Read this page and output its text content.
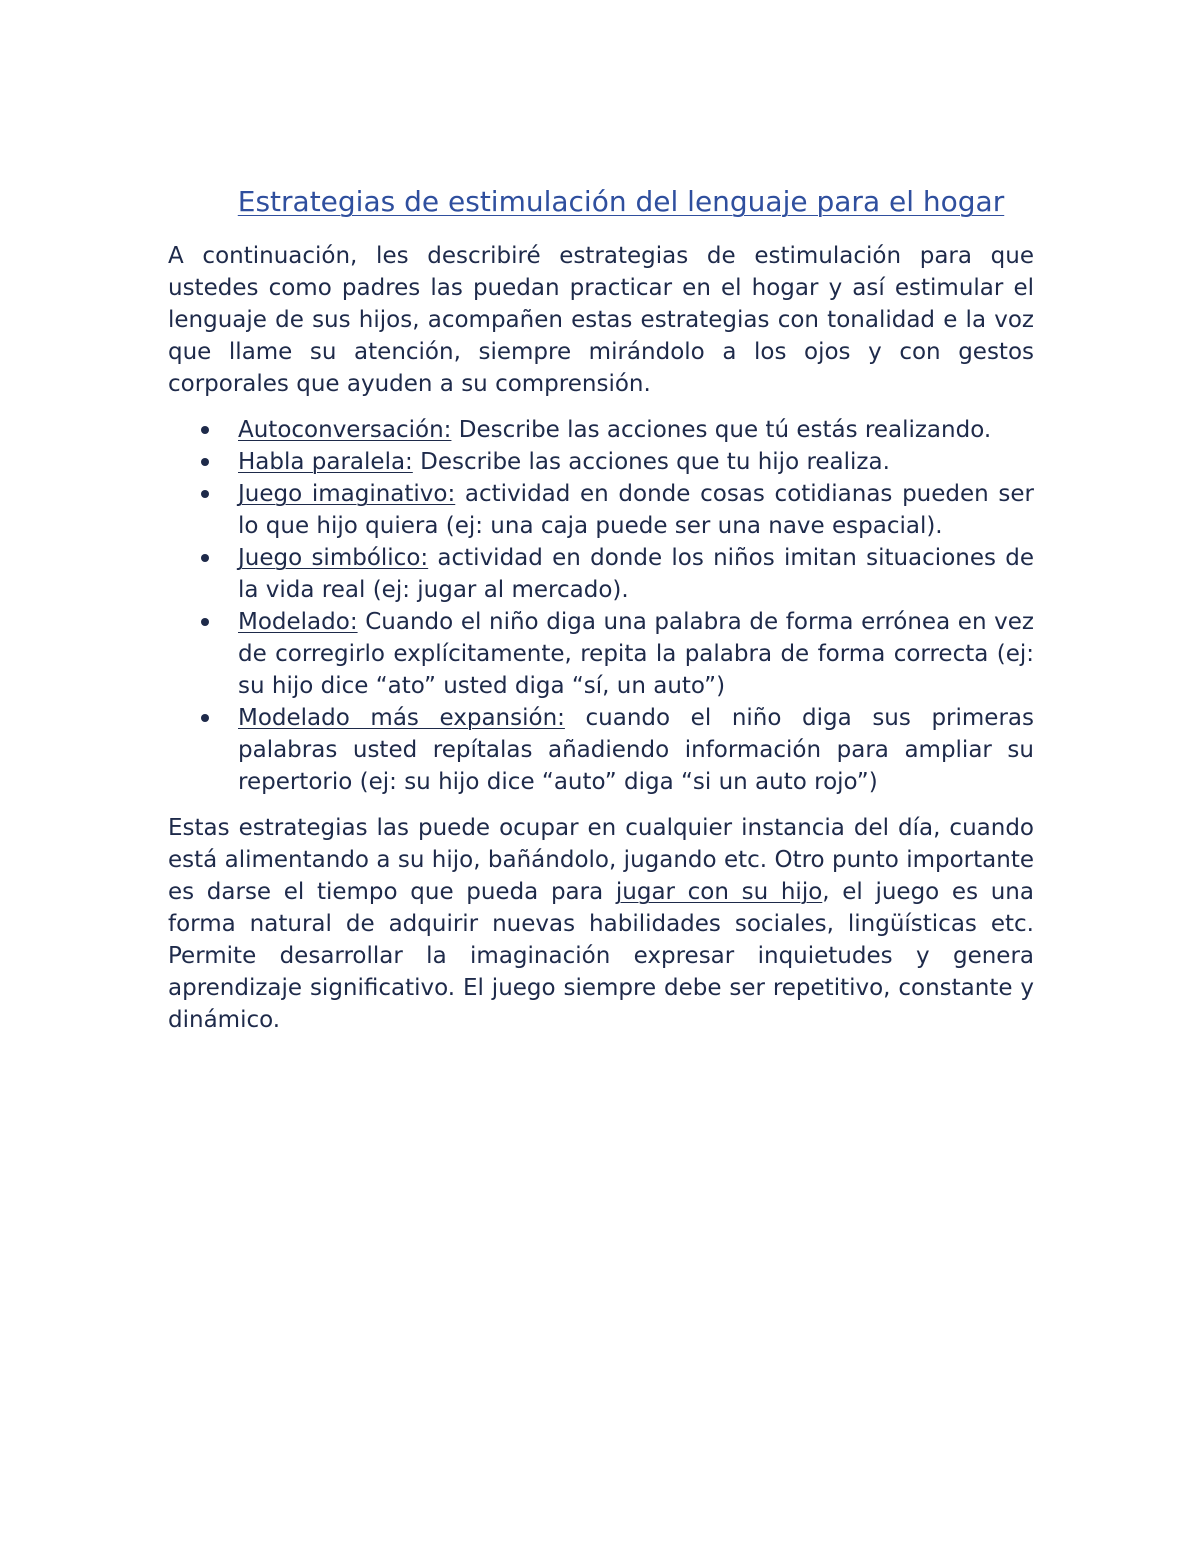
Estrategias de estimulación del lenguaje para el hogar

A continuación, les describiré estrategias de estimulación para que ustedes como padres las puedan practicar en el hogar y así estimular el lenguaje de sus hijos, acompañen estas estrategias con tonalidad e la voz que llame su atención, siempre mirándolo a los ojos y con gestos corporales que ayuden a su comprensión.

Autoconversación: Describe las acciones que tú estás realizando.
Habla paralela: Describe las acciones que tu hijo realiza.
Juego imaginativo: actividad en donde cosas cotidianas pueden ser lo que hijo quiera (ej: una caja puede ser una nave espacial).
Juego simbólico: actividad en donde los niños imitan situaciones de la vida real (ej: jugar al mercado).
Modelado: Cuando el niño diga una palabra de forma errónea en vez de corregirlo explícitamente, repita la palabra de forma correcta (ej: su hijo dice “ato” usted diga “sí, un auto”)
Modelado más expansión: cuando el niño diga sus primeras palabras usted repítalas añadiendo información para ampliar su repertorio (ej: su hijo dice “auto” diga “si un auto rojo”)

Estas estrategias las puede ocupar en cualquier instancia del día, cuando está alimentando a su hijo, bañándolo, jugando etc. Otro punto importante es darse el tiempo que pueda para jugar con su hijo, el juego es una forma natural de adquirir nuevas habilidades sociales, lingüísticas etc. Permite desarrollar la imaginación expresar inquietudes y genera aprendizaje significativo. El juego siempre debe ser repetitivo, constante y dinámico.
